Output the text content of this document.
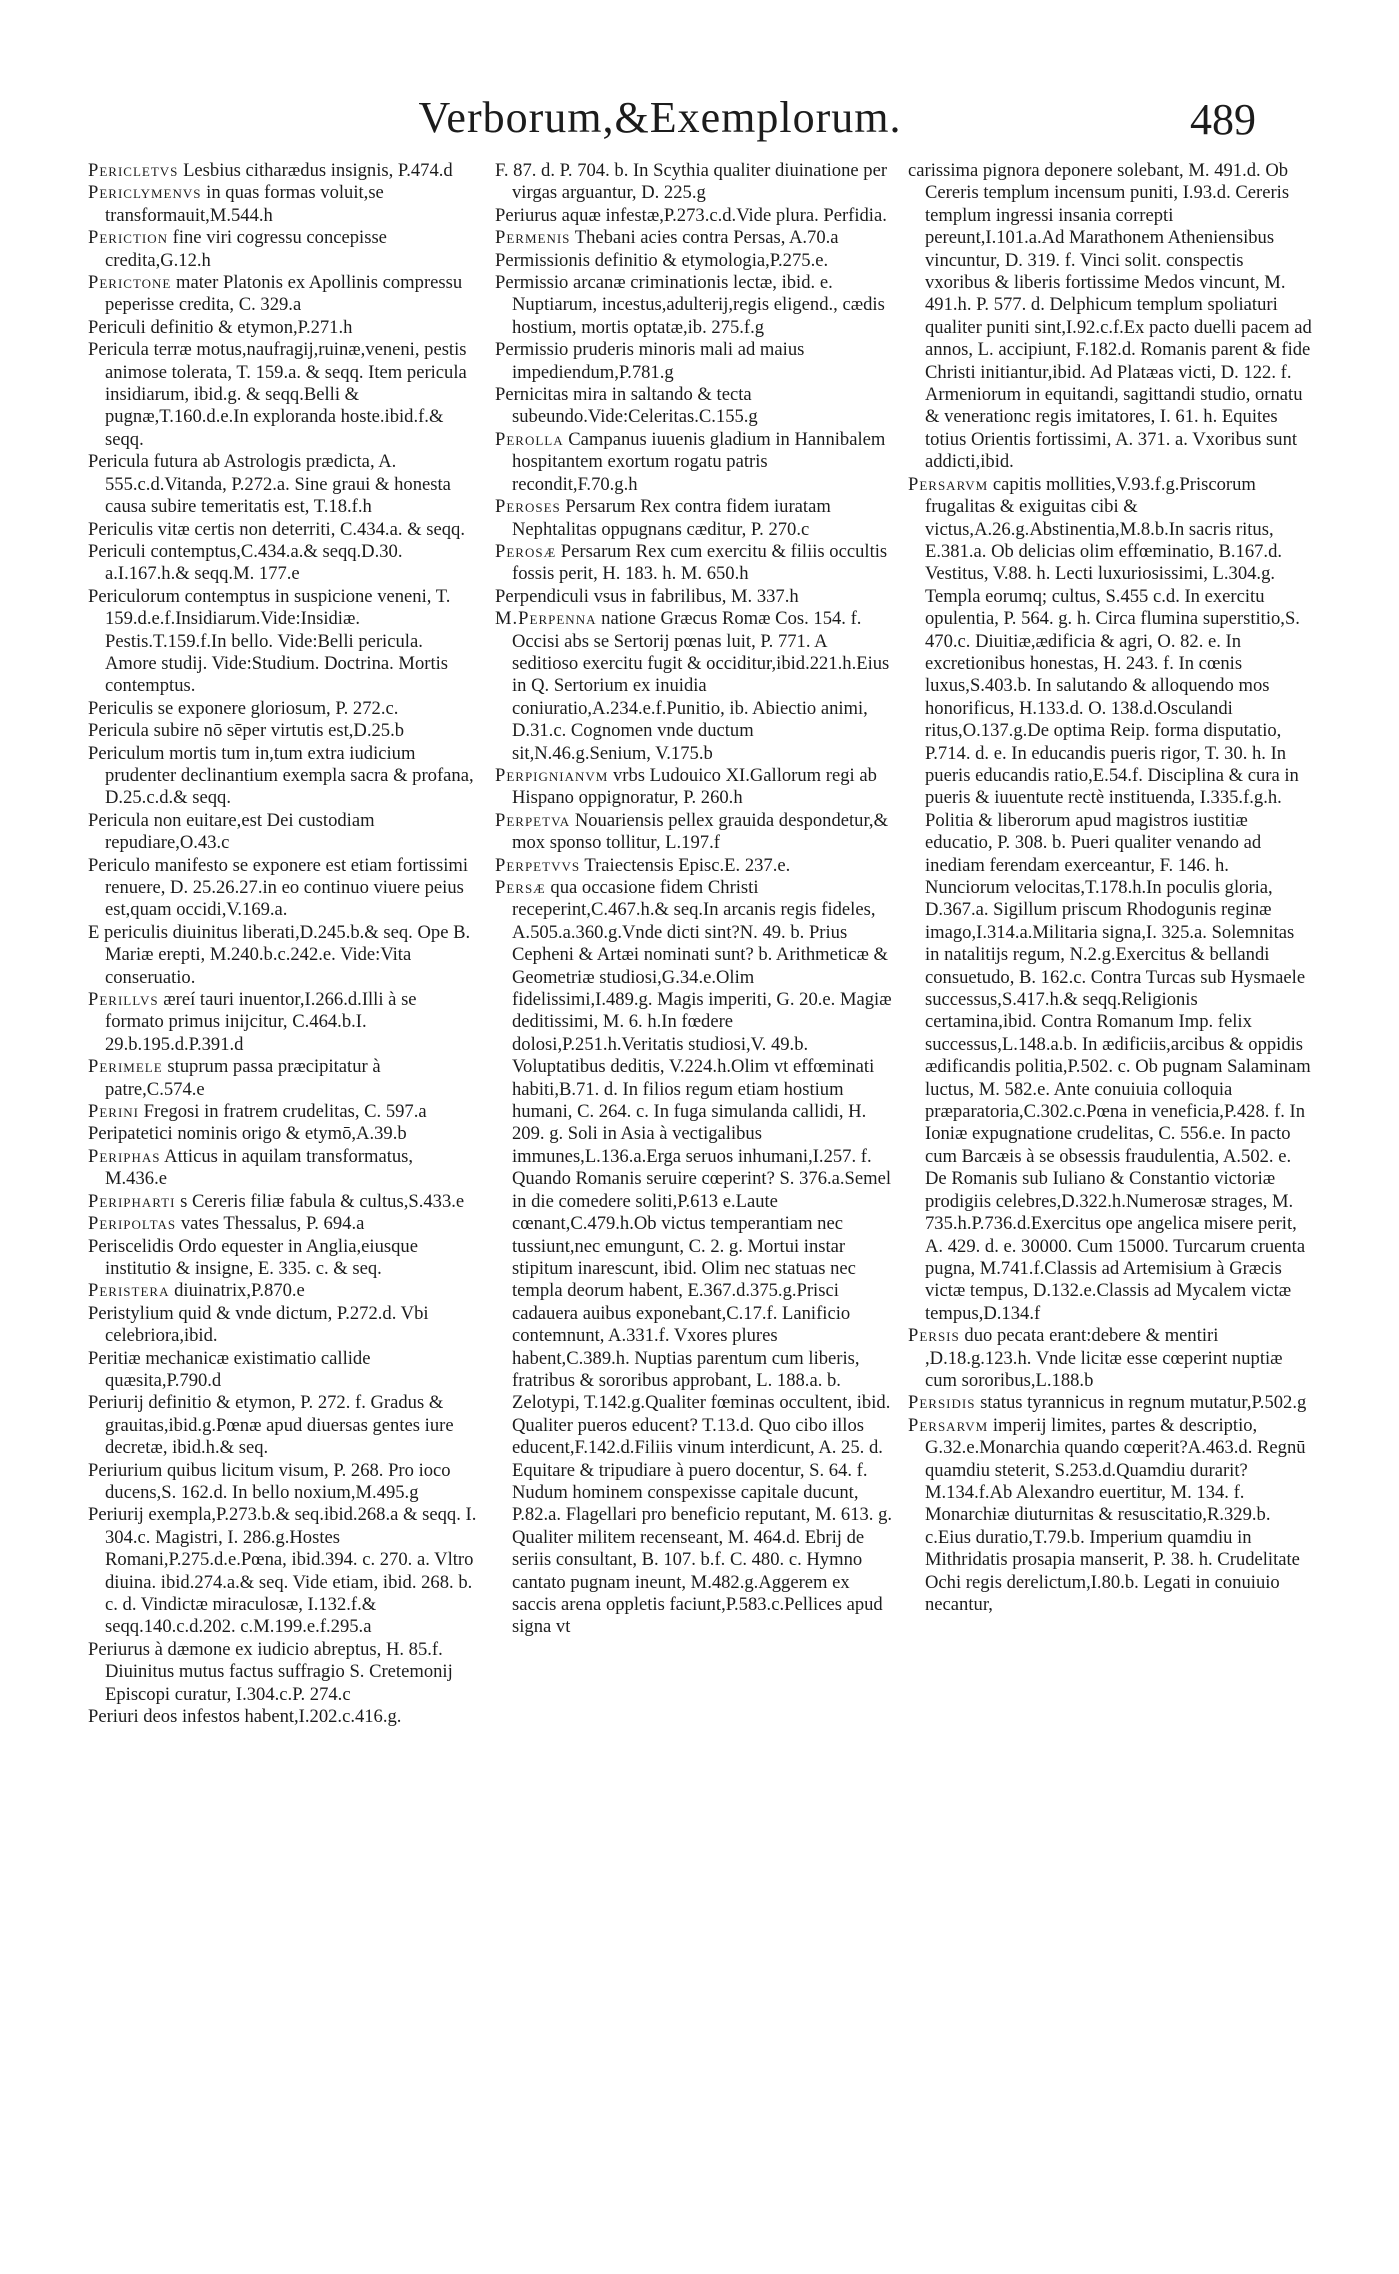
Verborum,&Exemplorum.	489

Pericletvs Lesbius citharædus insignis, P.474.d

Periclymenvs in quas formas voluit,se transformauit,M.544.h

Periction fine viri cogressu concepisse credita,G.12.h

Perictone mater Platonis ex Apollinis compressu peperisse credita, C. 329.a

Periculi definitio & etymon,P.271.h

Pericula terræ motus,naufragij,ruinæ,veneni, pestis animose tolerata, T. 159.a. & seqq. Item pericula insidiarum, ibid.g. & seqq.Belli & pugnæ,T.160.d.e.In exploranda hoste.ibid.f.& seqq.

Pericula futura ab Astrologis prædicta, A. 555.c.d.Vitanda, P.272.a. Sine graui & honesta causa subire temeritatis est, T.18.f.h

Periculis vitæ certis non deterriti, C.434.a. & seqq.

Periculi contemptus,C.434.a.& seqq.D.30. a.I.167.h.& seqq.M. 177.e

Periculorum contemptus in suspicione veneni, T. 159.d.e.f.Insidiarum.Vide:Insidiæ. Pestis.T.159.f.In bello. Vide:Belli pericula. Amore studij. Vide:Studium. Doctrina. Mortis contemptus.

Periculis se exponere gloriosum, P. 272.c.

Pericula subire nō sēper virtutis est,D.25.b

Periculum mortis tum in,tum extra iudicium prudenter declinantium exempla sacra & profana, D.25.c.d.& seqq.

Pericula non euitare,est Dei custodiam repudiare,O.43.c

Periculo manifesto se exponere est etiam fortissimi renuere, D. 25.26.27.in eo continuo viuere peius est,quam occidi,V.169.a.

E periculis diuinitus liberati,D.245.b.& seq. Ope B. Mariæ erepti, M.240.b.c.242.e. Vide:Vita conseruatio.

Perillvs æreí tauri inuentor,I.266.d.Illi à se formato primus inijcitur, C.464.b.I. 29.b.195.d.P.391.d

Perimele stuprum passa præcipitatur à patre,C.574.e

Perini Fregosi in fratrem crudelitas, C. 597.a

Peripatetici nominis origo & etymō,A.39.b

Periphas Atticus in aquilam transformatus, M.436.e

Peripharti s Cereris filiæ fabula & cultus,S.433.e

Peripoltas vates Thessalus, P. 694.a

Periscelidis Ordo equester in Anglia,eiusque institutio & insigne, E. 335. c. & seq.

Peristera diuinatrix,P.870.e

Peristylium quid & vnde dictum, P.272.d. Vbi celebriora,ibid.

Peritiæ mechanicæ existimatio callide quæsita,P.790.d

Periurij definitio & etymon, P. 272. f. Gradus & grauitas,ibid.g.Pœnæ apud diuersas gentes iure decretæ, ibid.h.& seq.

Periurium quibus licitum visum, P. 268. Pro ioco ducens,S. 162.d. In bello noxium,M.495.g

Periurij exempla,P.273.b.& seq.ibid.268.a & seqq. I. 304.c. Magistri, I. 286.g.Hostes Romani,P.275.d.e.Pœna, ibid.394. c. 270. a. Vltro diuina. ibid.274.a.& seq. Vide etiam, ibid. 268. b. c. d. Vindictæ miraculosæ, I.132.f.& seqq.140.c.d.202. c.M.199.e.f.295.a

Periurus à dæmone ex iudicio abreptus, H. 85.f. Diuinitus mutus factus suffragio S. Cretemonij Episcopi curatur, I.304.c.P. 274.c

Periuri deos infestos habent,I.202.c.416.g.

F. 87. d. P. 704. b. In Scythia qualiter diuinatione per virgas arguantur, D. 225.g

Periurus aquæ infestæ,P.273.c.d.Vide plura. Perfidia.

Permenis Thebani acies contra Persas, A.70.a

Permissionis definitio & etymologia,P.275.e.

Permissio arcanæ criminationis lectæ, ibid. e. Nuptiarum, incestus,adulterij,regis eligend., cædis hostium, mortis optatæ,ib. 275.f.g

Permissio pruderis minoris mali ad maius impediendum,P.781.g

Pernicitas mira in saltando & tecta subeundo.Vide:Celeritas.C.155.g

Perolla Campanus iuuenis gladium in Hannibalem hospitantem exortum rogatu patris recondit,F.70.g.h

Peroses Persarum Rex contra fidem iuratam Nephtalitas oppugnans cæditur, P. 270.c

Perosæ Persarum Rex cum exercitu & filiis occultis fossis perit, H. 183. h. M. 650.h

Perpendiculi vsus in fabrilibus, M. 337.h

M.Perpenna natione Græcus Romæ Cos. 154. f. Occisi abs se Sertorij pœnas luit, P. 771. A seditioso exercitu fugit & occiditur,ibid.221.h.Eius in Q. Sertorium ex inuidia coniuratio,A.234.e.f.Punitio, ib. Abiectio animi, D.31.c. Cognomen vnde ductum sit,N.46.g.Senium, V.175.b

Perpignianvm vrbs Ludouico XI.Gallorum regi ab Hispano oppignoratur, P. 260.h

Perpetva Nouariensis pellex grauida despondetur,& mox sponso tollitur, L.197.f

Perpetvvs Traiectensis Episc.E. 237.e.

Persæ qua occasione fidem Christi receperint,C.467.h.& seq.In arcanis regis fideles, A.505.a.360.g.Vnde dicti sint?N. 49. b. Prius Cepheni & Artæi nominati sunt? b. Arithmeticæ & Geometriæ studiosi,G.34.e.Olim fidelissimi,I.489.g. Magis imperiti, G. 20.e. Magiæ deditissimi, M. 6. h.In fœdere dolosi,P.251.h.Veritatis studiosi,V. 49.b. Voluptatibus deditis, V.224.h.Olim vt effœminati habiti,B.71. d. In filios regum etiam hostium humani, C. 264. c. In fuga simulanda callidi, H. 209. g. Soli in Asia à vectigalibus immunes,L.136.a.Erga seruos inhumani,I.257. f. Quando Romanis seruire cœperint? S. 376.a.Semel in die comedere soliti,P.613 e.Laute cœnant,C.479.h.Ob victus temperantiam nec tussiunt,nec emungunt, C. 2. g. Mortui instar stipitum inarescunt, ibid. Olim nec statuas nec templa deorum habent, E.367.d.375.g.Prisci cadauera auibus exponebant,C.17.f. Lanificio contemnunt, A.331.f. Vxores plures habent,C.389.h. Nuptias parentum cum liberis, fratribus & sororibus approbant, L. 188.a. b. Zelotypi, T.142.g.Qualiter fœminas occultent, ibid. Qualiter pueros educent? T.13.d. Quo cibo illos educent,F.142.d.Filiis vinum interdicunt, A. 25. d. Equitare & tripudiare à puero docentur, S. 64. f. Nudum hominem conspexisse capitale ducunt, P.82.a. Flagellari pro beneficio reputant, M. 613. g. Qualiter militem recenseant, M. 464.d. Ebrij de seriis consultant, B. 107. b.f. C. 480. c. Hymno cantato pugnam ineunt, M.482.g.Aggerem ex saccis arena oppletis faciunt,P.583.c.Pellices apud signa vt

carissima pignora deponere solebant, M. 491.d. Ob Cereris templum incensum puniti, I.93.d. Cereris templum ingressi insania correpti pereunt,I.101.a.Ad Marathonem Atheniensibus vincuntur, D. 319. f. Vinci solit. conspectis vxoribus & liberis fortissime Medos vincunt, M. 491.h. P. 577. d. Delphicum templum spoliaturi qualiter puniti sint,I.92.c.f.Ex pacto duelli pacem ad annos, L. accipiunt, F.182.d. Romanis parent & fide Christi initiantur,ibid. Ad Platæas victi, D. 122. f. Armeniorum in equitandi, sagittandi studio, ornatu & venerationc regis imitatores, I. 61. h. Equites totius Orientis fortissimi, A. 371. a. Vxoribus sunt addicti,ibid.

Persarvm capitis mollities,V.93.f.g.Priscorum frugalitas & exiguitas cibi & victus,A.26.g.Abstinentia,M.8.b.In sacris ritus, E.381.a. Ob delicias olim effœminatio, B.167.d. Vestitus, V.88. h. Lecti luxuriosissimi, L.304.g. Templa eorumq; cultus, S.455 c.d. In exercitu opulentia, P. 564. g. h. Circa flumina superstitio,S. 470.c. Diuitiæ,ædificia & agri, O. 82. e. In excretionibus honestas, H. 243. f. In cœnis luxus,S.403.b. In salutando & alloquendo mos honorificus, H.133.d. O. 138.d.Osculandi ritus,O.137.g.De optima Reip. forma disputatio, P.714. d. e. In educandis pueris rigor, T. 30. h. In pueris educandis ratio,E.54.f. Disciplina & cura in pueris & iuuentute rectè instituenda, I.335.f.g.h. Politia & liberorum apud magistros iustitiæ educatio, P. 308. b. Pueri qualiter venando ad inediam ferendam exerceantur, F. 146. h. Nunciorum velocitas,T.178.h.In poculis gloria, D.367.a. Sigillum priscum Rhodogunis reginæ imago,I.314.a.Militaria signa,I. 325.a. Solemnitas in natalitijs regum, N.2.g.Exercitus & bellandi consuetudo, B. 162.c. Contra Turcas sub Hysmaele successus,S.417.h.& seqq.Religionis certamina,ibid. Contra Romanum Imp. felix successus,L.148.a.b. In ædificiis,arcibus & oppidis ædificandis politia,P.502. c. Ob pugnam Salaminam luctus, M. 582.e. Ante conuiuia colloquia præparatoria,C.302.c.Pœna in veneficia,P.428. f. In Ioniæ expugnatione crudelitas, C. 556.e. In pacto cum Barcæis à se obsessis fraudulentia, A.502. e. De Romanis sub Iuliano & Constantio victoriæ prodigiis celebres,D.322.h.Numerosæ strages, M. 735.h.P.736.d.Exercitus ope angelica misere perit, A. 429. d. e. 30000. Cum 15000. Turcarum cruenta pugna, M.741.f.Classis ad Artemisium à Græcis victæ tempus, D.132.e.Classis ad Mycalem victæ tempus,D.134.f

Persis duo pecata erant:debere & mentiri ,D.18.g.123.h. Vnde licitæ esse cœperint nuptiæ cum sororibus,L.188.b

Persidis status tyrannicus in regnum mutatur,P.502.g

Persarvm imperij limites, partes & descriptio, G.32.e.Monarchia quando cœperit?A.463.d. Regnū quamdiu steterit, S.253.d.Quamdiu durarit? M.134.f.Ab Alexandro euertitur, M. 134. f. Monarchiæ diuturnitas & resuscitatio,R.329.b. c.Eius duratio,T.79.b. Imperium quamdiu in Mithridatis prosapia manserit, P. 38. h. Crudelitate Ochi regis derelictum,I.80.b. Legati in conuiuio necantur,
